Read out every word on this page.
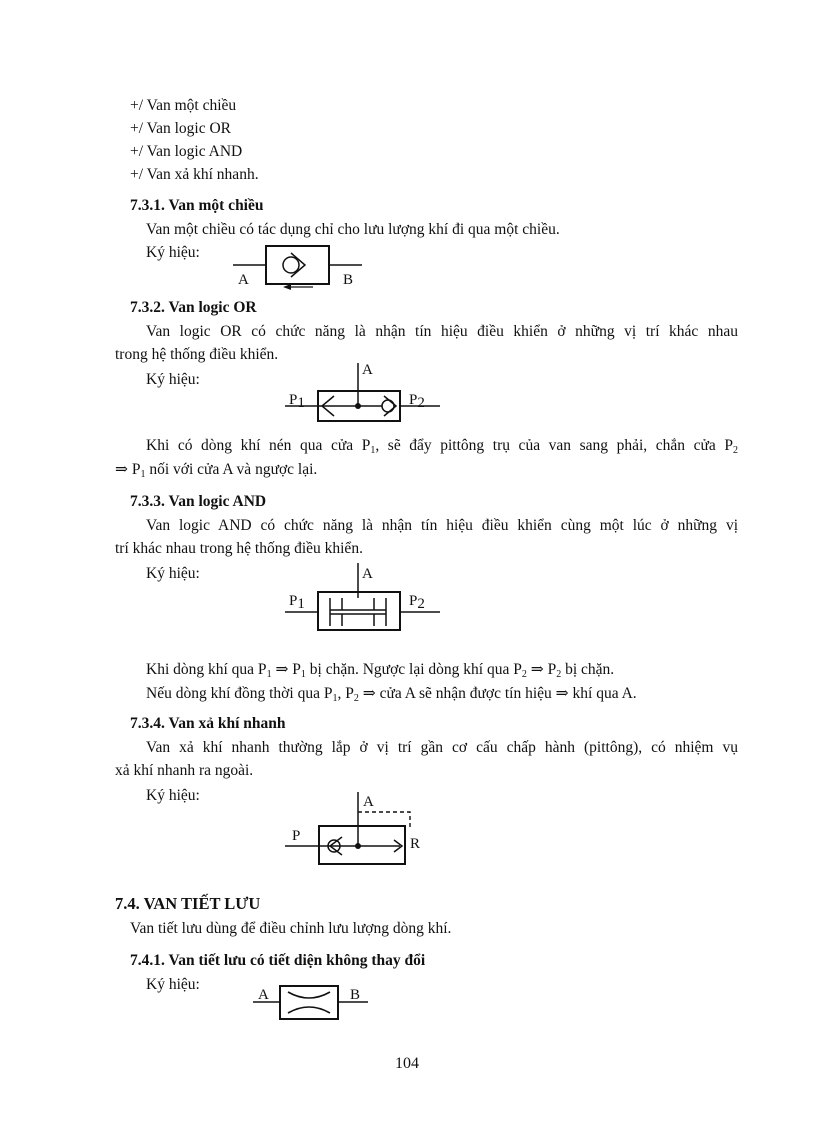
+/ Van một chiều
+/ Van logic OR
+/ Van logic AND
+/ Van xả khí nhanh.
7.3.1. Van một chiều
Van một chiều có tác dụng chỉ cho lưu lượng khí đi qua một chiều.
Ký hiệu:
A	B
7.3.2. Van logic OR
Van logic OR có chức năng là nhận tín hiệu điều khiển ở những vị trí khác nhau
trong hệ thống điều khiển.
Ký hiệu:
A
P1	P2
Khi có dòng khí nén qua cửa $P_1$, sẽ đẩy pittông trụ của van sang phải, chắn cửa $P_2$
⇒ $P_1$ nối với cửa A và ngược lại.
7.3.3. Van logic AND
Van logic AND có chức năng là nhận tín hiệu điều khiển cùng một lúc ở những vị
trí khác nhau trong hệ thống điều khiển.
Ký hiệu:	A
P1	P2
Khi dòng khí qua $P_1$ ⇒ $P_1$ bị chặn. Ngược lại dòng khí qua $P_2$ ⇒ $P_2$ bị chặn.
Nếu dòng khí đồng thời qua $P_1$, $P_2$ ⇒ cửa A sẽ nhận được tín hiệu ⇒ khí qua A.
7.3.4. Van xả khí nhanh
Van xả khí nhanh thường lắp ở vị trí gần cơ cấu chấp hành (pittông), có nhiệm vụ
xả khí nhanh ra ngoài.
Ký hiệu:	A
P	R
7.4. VAN TIẾT LƯU
Van tiết lưu dùng để điều chỉnh lưu lượng dòng khí.
7.4.1. Van tiết lưu có tiết diện không thay đổi
Ký hiệu:
A	B
104
